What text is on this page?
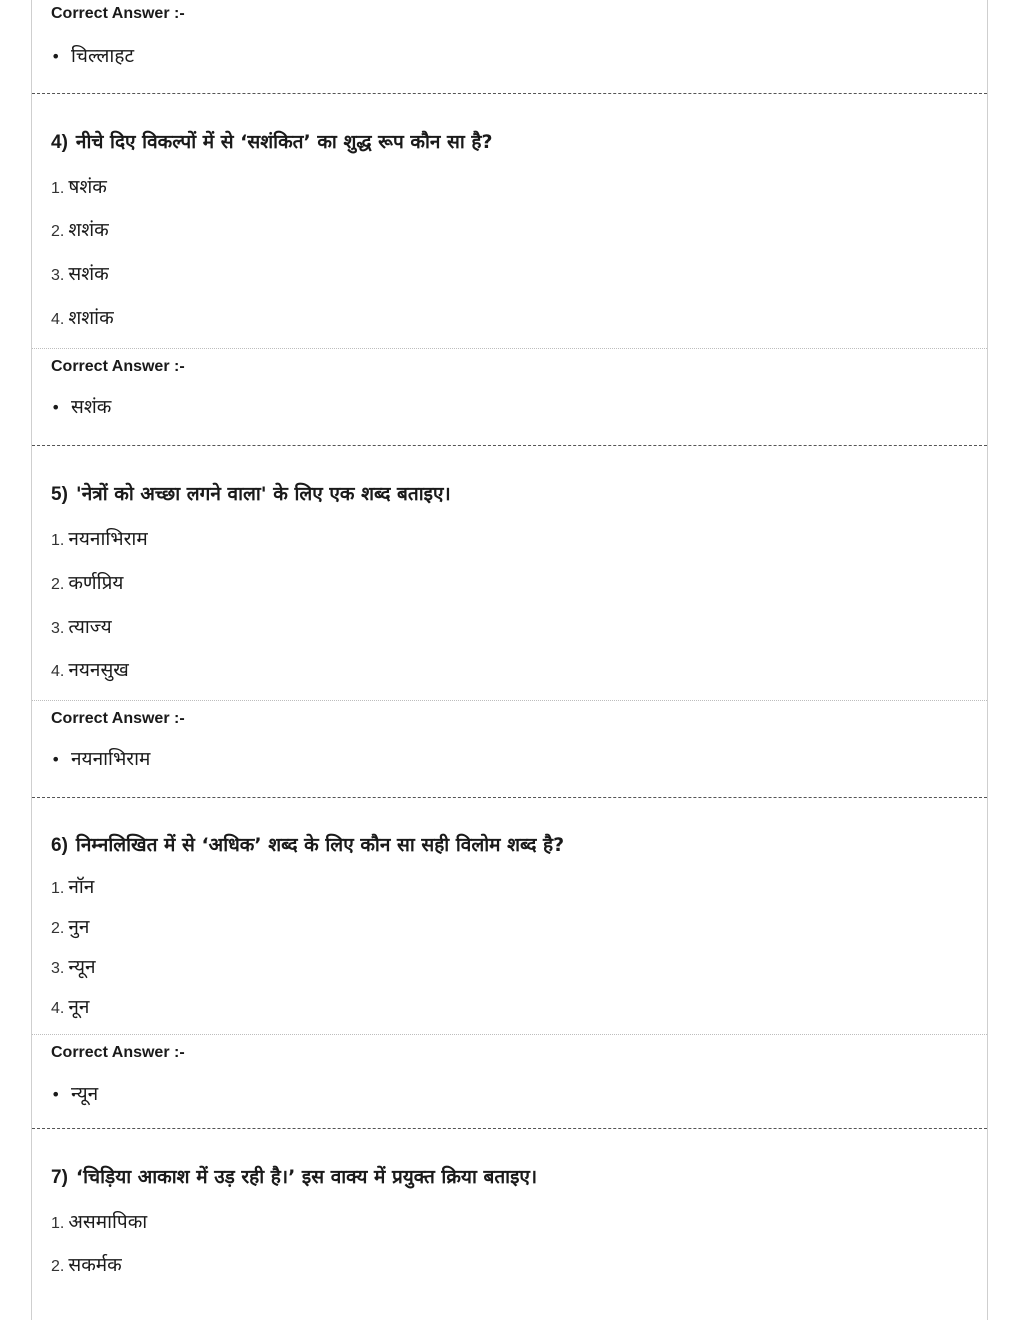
Correct Answer :-
• चिल्लाहट
4) नीचे दिए विकल्पों में से ‘सशंकित’ का शुद्ध रूप कौन सा है?
1. षशंक
2. शशंक
3. सशंक
4. शशांक
Correct Answer :-
• सशंक
5) 'नेत्रों को अच्छा लगने वाला' के लिए एक शब्द बताइए।
1. नयनाभिराम
2. कर्णप्रिय
3. त्याज्य
4. नयनसुख
Correct Answer :-
• नयनाभिराम
6) निम्नलिखित में से ‘अधिक’ शब्द के लिए कौन सा सही विलोम शब्द है?
1. नॉन
2. नुन
3. न्यून
4. नून
Correct Answer :-
• न्यून
7) ‘चिड़िया आकाश में उड़ रही है।’ इस वाक्य में प्रयुक्त क्रिया बताइए।
1. असमापिका
2. सकर्मक
